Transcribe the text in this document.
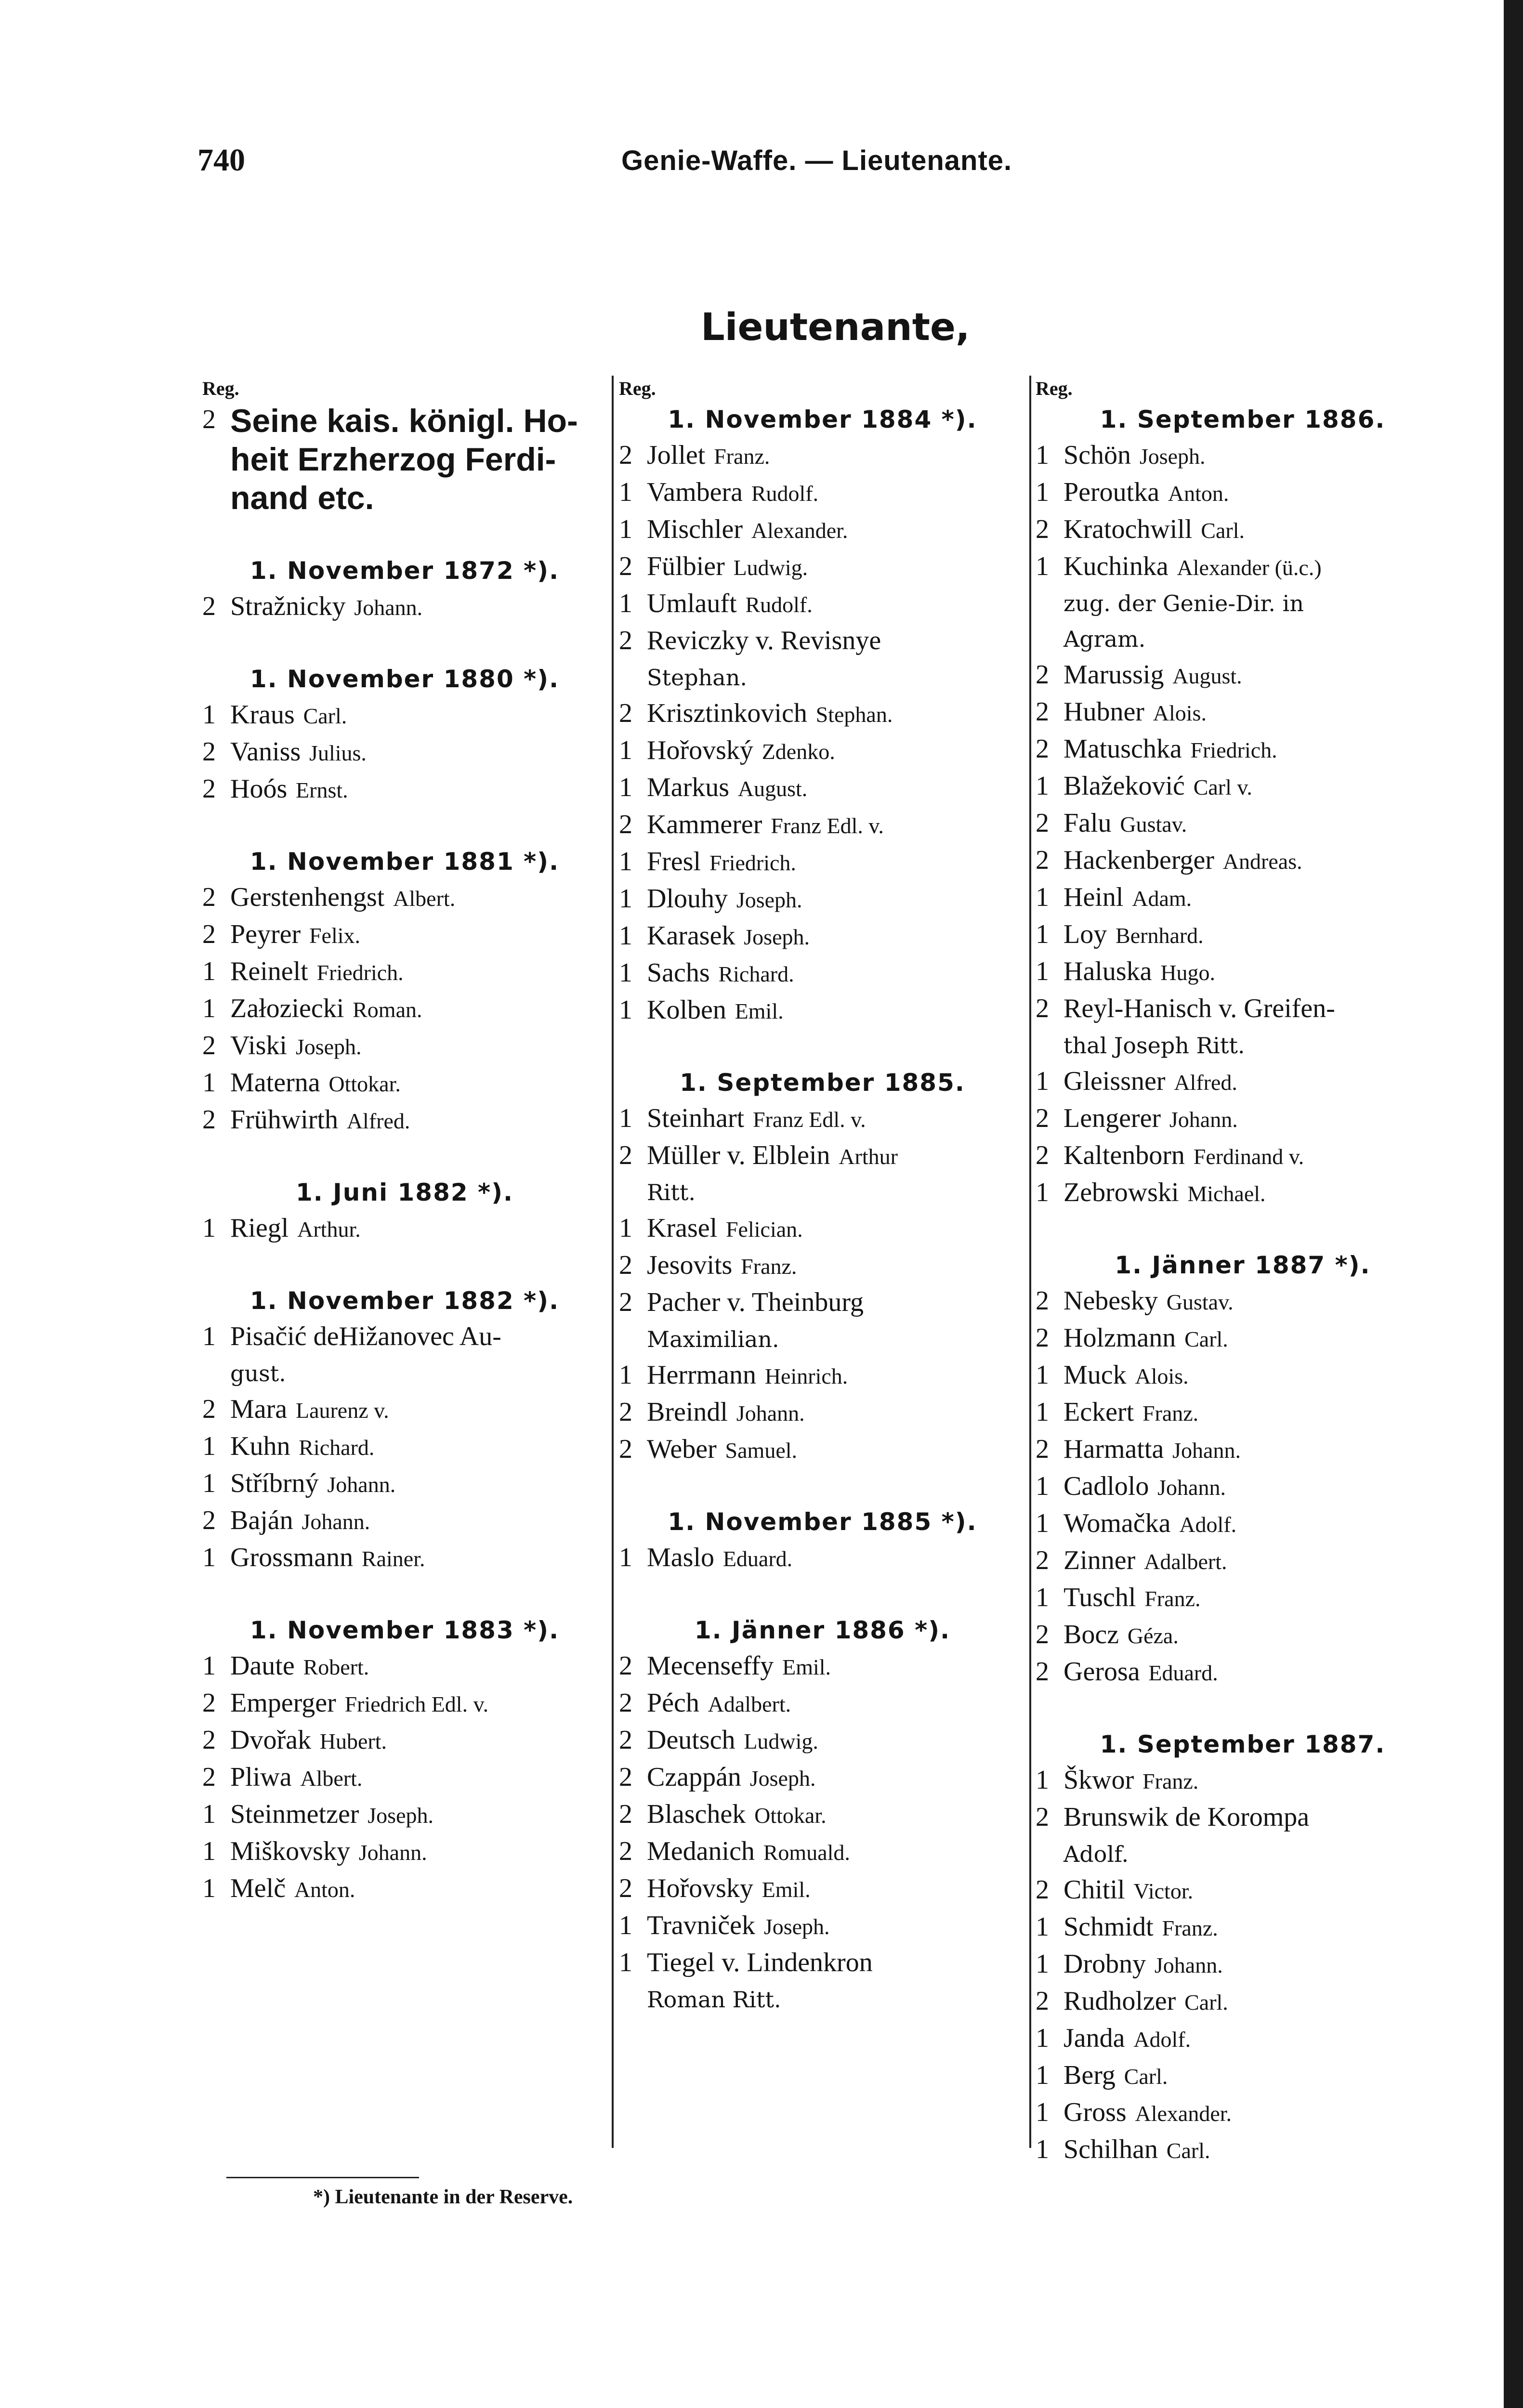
740	Genie-Waffe. — Lieutenante.
Lieutenante,
Reg.
2 Seine kais. königl. Ho-
heit Erzherzog Ferdi-
nand etc.
1. November 1872 *).
2 Stražnicky Johann.
1. November 1880 *).
1 Kraus Carl.
2 Vaniss Julius.
2 Hoós Ernst.
1. November 1881 *).
2 Gerstenhengst Albert.
2 Peyrer Felix.
1 Reinelt Friedrich.
1 Załoziecki Roman.
2 Viski Joseph.
1 Materna Ottokar.
2 Frühwirth Alfred.
1. Juni 1882 *).
1 Riegl Arthur.
1. November 1882 *).
1 Pisačić deHižanovec Au-
gust.
2 Mara Laurenz v.
1 Kuhn Richard.
1 Stříbrný Johann.
2 Baján Johann.
1 Grossmann Rainer.
1. November 1883 *).
1 Daute Robert.
2 Emperger Friedrich Edl. v.
2 Dvořak Hubert.
2 Pliwa Albert.
1 Steinmetzer Joseph.
1 Miškovsky Johann.
1 Melč Anton.
Reg.
1. November 1884 *).
2 Jollet Franz.
1 Vambera Rudolf.
1 Mischler Alexander.
2 Fülbier Ludwig.
1 Umlauft Rudolf.
2 Reviczky v. Revisnye
Stephan.
2 Krisztinkovich Stephan.
1 Hořovský Zdenko.
1 Markus August.
2 Kammerer Franz Edl. v.
1 Fresl Friedrich.
1 Dlouhy Joseph.
1 Karasek Joseph.
1 Sachs Richard.
1 Kolben Emil.
1. September 1885.
1 Steinhart Franz Edl. v.
2 Müller v. Elblein Arthur
Ritt.
1 Krasel Felician.
2 Jesovits Franz.
2 Pacher v. Theinburg
Maximilian.
1 Herrmann Heinrich.
2 Breindl Johann.
2 Weber Samuel.
1. November 1885 *).
1 Maslo Eduard.
1. Jänner 1886 *).
2 Mecenseffy Emil.
2 Péch Adalbert.
2 Deutsch Ludwig.
2 Czappán Joseph.
2 Blaschek Ottokar.
2 Medanich Romuald.
2 Hořovsky Emil.
1 Travniček Joseph.
1 Tiegel v. Lindenkron
Roman Ritt.
Reg.
1. September 1886.
1 Schön Joseph.
1 Peroutka Anton.
2 Kratochwill Carl.
1 Kuchinka Alexander (ü.c.)
zug. der Genie-Dir. in
Agram.
2 Marussig August.
2 Hubner Alois.
2 Matuschka Friedrich.
1 Blažeković Carl v.
2 Falu Gustav.
2 Hackenberger Andreas.
1 Heinl Adam.
1 Loy Bernhard.
1 Haluska Hugo.
2 Reyl-Hanisch v. Greifen-
thal Joseph Ritt.
1 Gleissner Alfred.
2 Lengerer Johann.
2 Kaltenborn Ferdinand v.
1 Zebrowski Michael.
1. Jänner 1887 *).
2 Nebesky Gustav.
2 Holzmann Carl.
1 Muck Alois.
1 Eckert Franz.
2 Harmatta Johann.
1 Cadlolo Johann.
1 Womačka Adolf.
2 Zinner Adalbert.
1 Tuschl Franz.
2 Bocz Géza.
2 Gerosa Eduard.
1. September 1887.
1 Škwor Franz.
2 Brunswik de Korompa
Adolf.
2 Chitil Victor.
1 Schmidt Franz.
1 Drobny Johann.
2 Rudholzer Carl.
1 Janda Adolf.
1 Berg Carl.
1 Gross Alexander.
1 Schilhan Carl.
*) Lieutenante in der Reserve.
